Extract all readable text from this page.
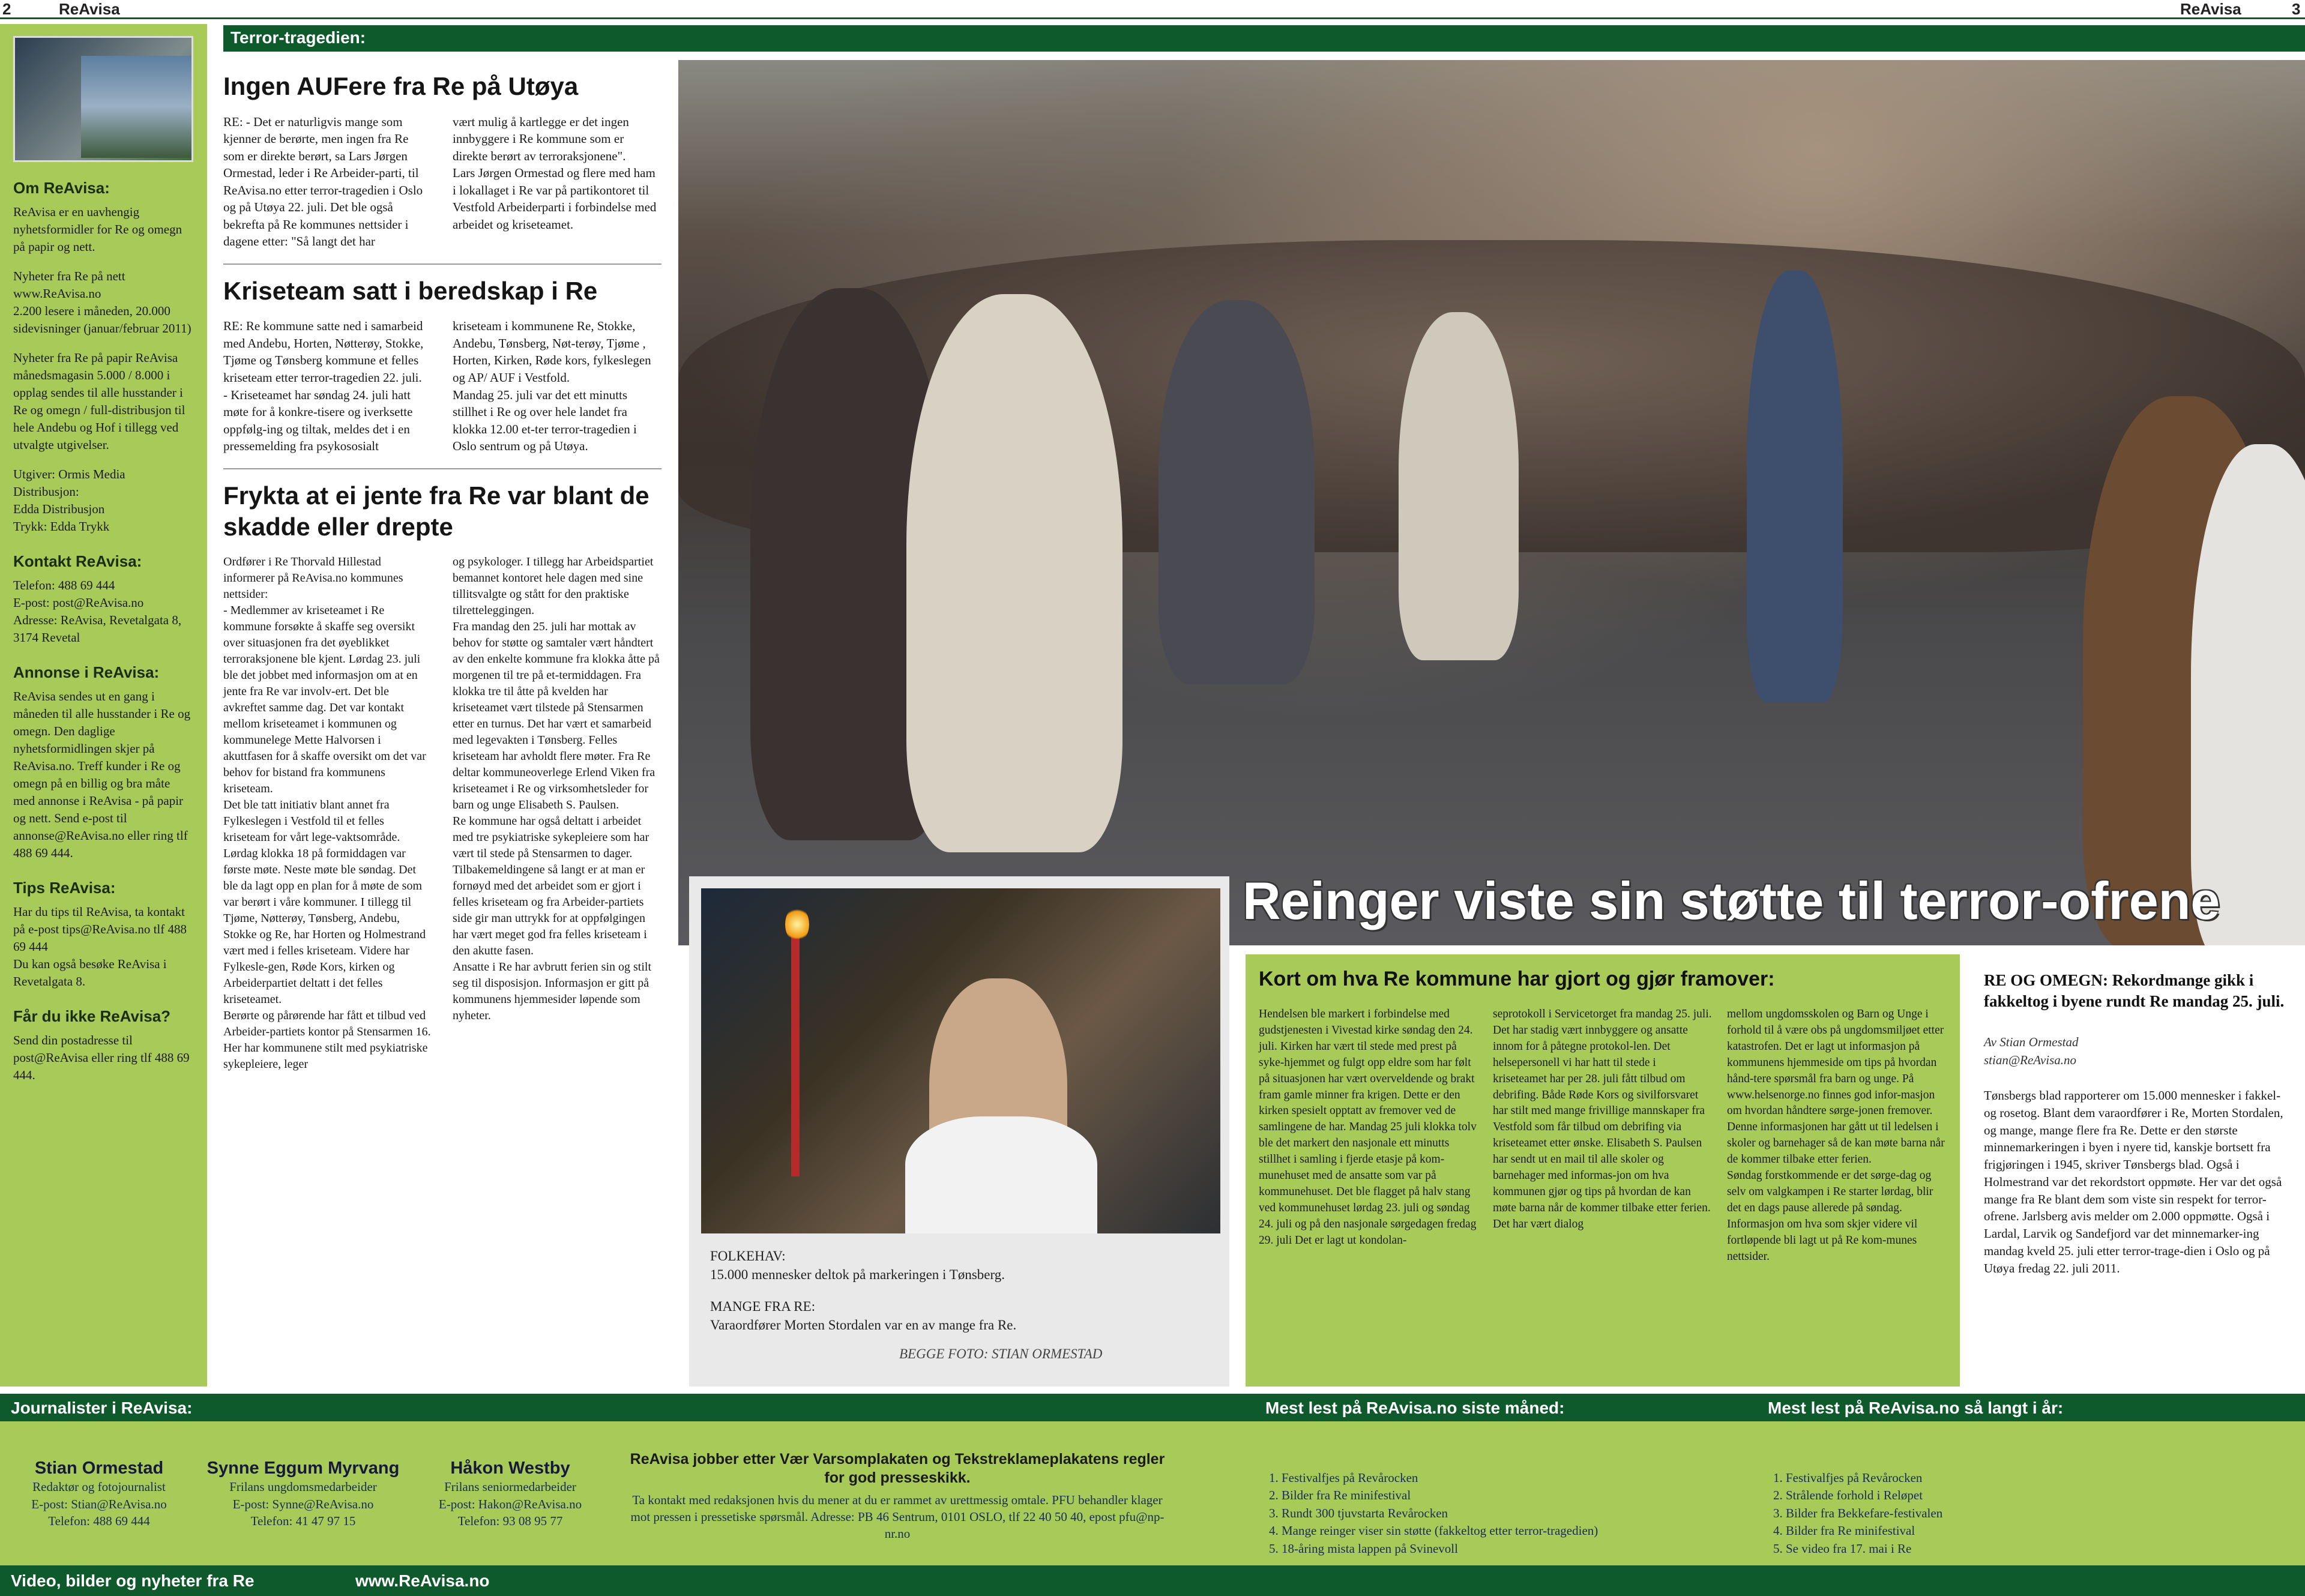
2	ReAvisa	ReAvisa	3
Om ReAvisa:

ReAvisa er en uavhengig nyhetsformidler for Re og omegn på papir og nett.

Nyheter fra Re på nett www.ReAvisa.no
2.200 lesere i måneden, 20.000 sidevisninger (januar/februar 2011)

Nyheter fra Re på papir ReAvisa månedsmagasin 5.000 / 8.000 i opplag sendes til alle husstander i Re og omegn / full-distribusjon til hele Andebu og Hof i tillegg ved utvalgte utgivelser.

Utgiver: Ormis Media
Distribusjon:
Edda Distribusjon
Trykk: Edda Trykk

Kontakt ReAvisa:

Telefon: 488 69 444
E-post: post@ReAvisa.no
Adresse: ReAvisa, Revetalgata 8, 3174 Revetal

Annonse i ReAvisa:

ReAvisa sendes ut en gang i måneden til alle husstander i Re og omegn. Den daglige nyhetsformidlingen skjer på ReAvisa.no. Treff kunder i Re og omegn på en billig og bra måte med annonse i ReAvisa - på papir og nett. Send e-post til annonse@ReAvisa.no eller ring tlf 488 69 444.

Tips ReAvisa:

Har du tips til ReAvisa, ta kontakt på e-post tips@ReAvisa.no tlf 488 69 444
Du kan også besøke ReAvisa i Revetalgata 8.

Får du ikke ReAvisa?

Send din postadresse til post@ReAvisa eller ring tlf 488 69 444.

Terror-tragedien:
Ingen AUFere fra Re på Utøya

RE: - Det er naturligvis mange som kjenner de berørte, men ingen fra Re som er direkte berørt, sa Lars Jørgen Ormestad, leder i Re Arbeider-parti, til ReAvisa.no etter terror-tragedien i Oslo og på Utøya 22. juli. Det ble også bekrefta på Re kommunes nettsider i dagene etter: "Så langt det har

vært mulig å kartlegge er det ingen innbyggere i Re kommune som er direkte berørt av terroraksjonene".
Lars Jørgen Ormestad og flere med ham i lokallaget i Re var på partikontoret til Vestfold Arbeiderparti i forbindelse med arbeidet og kriseteamet.

Kriseteam satt i beredskap i Re

RE: Re kommune satte ned i samarbeid med Andebu, Horten, Nøtterøy, Stokke, Tjøme og Tønsberg kommune et felles kriseteam etter terror-tragedien 22. juli.
- Kriseteamet har søndag 24. juli hatt møte for å konkre-tisere og iverksette oppfølg-ing og tiltak, meldes det i en pressemelding fra psykososialt

kriseteam i kommunene Re, Stokke, Andebu, Tønsberg, Nøt-terøy, Tjøme , Horten, Kirken, Røde kors, fylkeslegen og AP/ AUF i Vestfold.
Mandag 25. juli var det ett minutts stillhet i Re og over hele landet fra klokka 12.00 et-ter terror-tragedien i Oslo sentrum og på Utøya.

Frykta at ei jente fra Re var blant de skadde eller drepte

Ordfører i Re Thorvald Hillestad informerer på ReAvisa.no kommunes nettsider:
- Medlemmer av kriseteamet i Re kommune forsøkte å skaffe seg oversikt over situasjonen fra det øyeblikket terroraksjonene ble kjent. Lørdag 23. juli ble det jobbet med informasjon om at en jente fra Re var involv-ert. Det ble avkreftet samme dag. Det var kontakt mellom kriseteamet i kommunen og kommunelege Mette Halvorsen i akuttfasen for å skaffe oversikt om det var behov for bistand fra kommunens kriseteam.
Det ble tatt initiativ blant annet fra Fylkeslegen i Vestfold til et felles kriseteam for vårt lege-vaktsområde. Lørdag klokka 18 på formiddagen var første møte. Neste møte ble søndag. Det ble da lagt opp en plan for å møte de som var berørt i våre kommuner. I tillegg til Tjøme, Nøtterøy, Tønsberg, Andebu, Stokke og Re, har Horten og Holmestrand vært med i felles kriseteam. Videre har Fylkesle-gen, Røde Kors, kirken og Arbeiderpartiet deltatt i det felles kriseteamet.
Berørte og pårørende har fått et tilbud ved Arbeider-partiets kontor på Stensarmen 16.
Her har kommunene stilt med psykiatriske sykepleiere, leger

og psykologer. I tillegg har Arbeidspartiet bemannet kontoret hele dagen med sine tillitsvalgte og stått for den praktiske tilretteleggingen.
Fra mandag den 25. juli har mottak av behov for støtte og samtaler vært håndtert av den enkelte kommune fra klokka åtte på morgenen til tre på et-termiddagen. Fra klokka tre til åtte på kvelden har kriseteamet vært tilstede på Stensarmen etter en turnus. Det har vært et samarbeid med legevakten i Tønsberg. Felles kriseteam har avholdt flere møter. Fra Re deltar kommuneoverlege Erlend Viken fra kriseteamet i Re og virksomhetsleder for barn og unge Elisabeth S. Paulsen.
Re kommune har også deltatt i arbeidet med tre psykiatriske sykepleiere som har vært til stede på Stensarmen to dager. Tilbakemeldingene så langt er at man er fornøyd med det arbeidet som er gjort i felles kriseteam og fra Arbeider-partiets side gir man uttrykk for at oppfølgingen har vært meget god fra felles kriseteam i den akutte fasen.
Ansatte i Re har avbrutt ferien sin og stilt seg til disposisjon. Informasjon er gitt på kommunens hjemmesider løpende som nyheter.

Reinger viste sin støtte til terror-ofrene
FOLKEHAV:
15.000 mennesker deltok på markeringen i Tønsberg.
MANGE FRA RE:
Varaordfører Morten Stordalen var en av mange fra Re.
BEGGE FOTO: STIAN ORMESTAD
Kort om hva Re kommune har gjort og gjør framover:

Hendelsen ble markert i forbindelse med gudstjenesten i Vivestad kirke søndag den 24. juli. Kirken har vært til stede med prest på syke-hjemmet og fulgt opp eldre som har følt på situasjonen har vært overveldende og brakt fram gamle minner fra krigen. Dette er den kirken spesielt opptatt av fremover ved de samlingene de har. Mandag 25 juli klokka tolv ble det markert den nasjonale ett minutts stillhet i samling i fjerde etasje på kom-munehuset med de ansatte som var på kommunehuset. Det ble flagget på halv stang ved kommunehuset lørdag 23. juli og søndag 24. juli og på den nasjonale sørgedagen fredag 29. juli Det er lagt ut kondolan-

seprotokoll i Servicetorget fra mandag 25. juli. Det har stadig vært innbyggere og ansatte innom for å påtegne protokol-len. Det helsepersonell vi har hatt til stede i kriseteamet har per 28. juli fått tilbud om debrifing. Både Røde Kors og sivilforsvaret har stilt med mange frivillige mannskaper fra Vestfold som får tilbud om debrifing via kriseteamet etter ønske. Elisabeth S. Paulsen har sendt ut en mail til alle skoler og barnehager med informas-jon om hva kommunen gjør og tips på hvordan de kan møte barna når de kommer tilbake etter ferien. Det har vært dialog

mellom ungdomsskolen og Barn og Unge i forhold til å være obs på ungdomsmiljøet etter katastrofen. Det er lagt ut informasjon på kommunens hjemmeside om tips på hvordan hånd-tere spørsmål fra barn og unge. På www.helsenorge.no finnes god infor-masjon om hvordan håndtere sørge-jonen fremover. Denne informasjonen har gått ut til ledelsen i skoler og barnehager så de kan møte barna når de kommer tilbake etter ferien.
Søndag forstkommende er det sørge-dag og selv om valgkampen i Re starter lørdag, blir det en dags pause allerede på søndag.
Informasjon om hva som skjer videre vil fortløpende bli lagt ut på Re kom-munes nettsider.

RE OG OMEGN: Rekordmange gikk i fakkeltog i byene rundt Re mandag 25. juli.
Av Stian Ormestad
stian@ReAvisa.no
Tønsbergs blad rapporterer om 15.000 mennesker i fakkel- og rosetog. Blant dem varaordfører i Re, Morten Stordalen, og mange, mange flere fra Re. Dette er den største minnemarkeringen i byen i nyere tid, kanskje bortsett fra frigjøringen i 1945, skriver Tønsbergs blad. Også i Holmestrand var det rekordstort oppmøte. Her var det også mange fra Re blant dem som viste sin respekt for terror-ofrene. Jarlsberg avis melder om 2.000 oppmøtte. Også i Lardal, Larvik og Sandefjord var det minnemarker-ing mandag kveld 25. juli etter terror-trage-dien i Oslo og på Utøya fredag 22. juli 2011.
Journalister i ReAvisa:	Mest lest på ReAvisa.no siste måned:	Mest lest på ReAvisa.no så langt i år:
Stian Ormestad
Redaktør og fotojournalist
E-post: Stian@ReAvisa.no
Telefon: 488 69 444
Synne Eggum Myrvang
Frilans ungdomsmedarbeider
E-post: Synne@ReAvisa.no
Telefon: 41 47 97 15
Håkon Westby
Frilans seniormedarbeider
E-post: Hakon@ReAvisa.no
Telefon: 93 08 95 77
ReAvisa jobber etter Vær Varsomplakaten og Tekstreklameplakatens regler for god presseskikk.
Ta kontakt med redaksjonen hvis du mener at du er rammet av urettmessig omtale. PFU behandler klager mot pressen i pressetiske spørsmål. Adresse: PB 46 Sentrum, 0101 OSLO, tlf 22 40 50 40, epost pfu@np-nr.no
1. Festivalfjes på Revårocken
2. Bilder fra Re minifestival
3. Rundt 300 tjuvstarta Revårocken
4. Mange reinger viser sin støtte (fakkeltog etter terror-tragedien)
5. 18-åring mista lappen på Svinevoll
1. Festivalfjes på Revårocken
2. Strålende forhold i Reløpet
3. Bilder fra Bekkefare-festivalen
4. Bilder fra Re minifestival
5. Se video fra 17. mai i Re
Video, bilder og nyheter fra Re	www.ReAvisa.no
